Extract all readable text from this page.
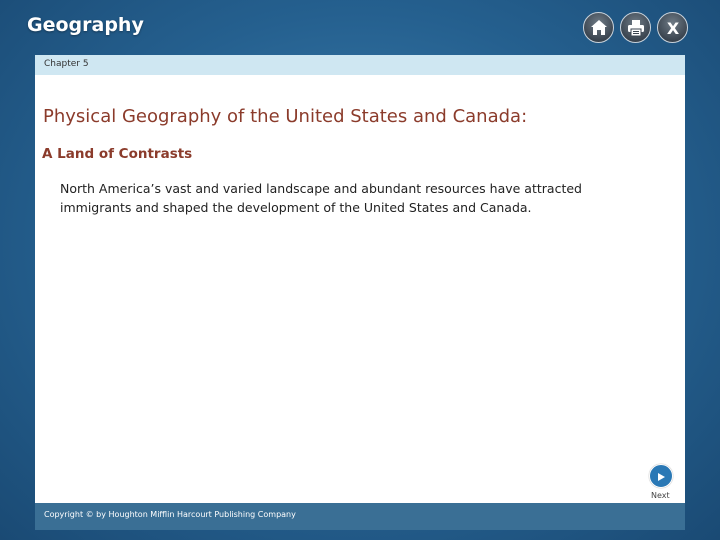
Geography	X
Chapter 5
Physical Geography of the United States and Canada:
A Land of Contrasts

North America’s vast and varied landscape and abundant resources have attracted immigrants and shaped the development of the United States and Canada.

Next
Copyright © by Houghton Mifflin Harcourt Publishing Company
